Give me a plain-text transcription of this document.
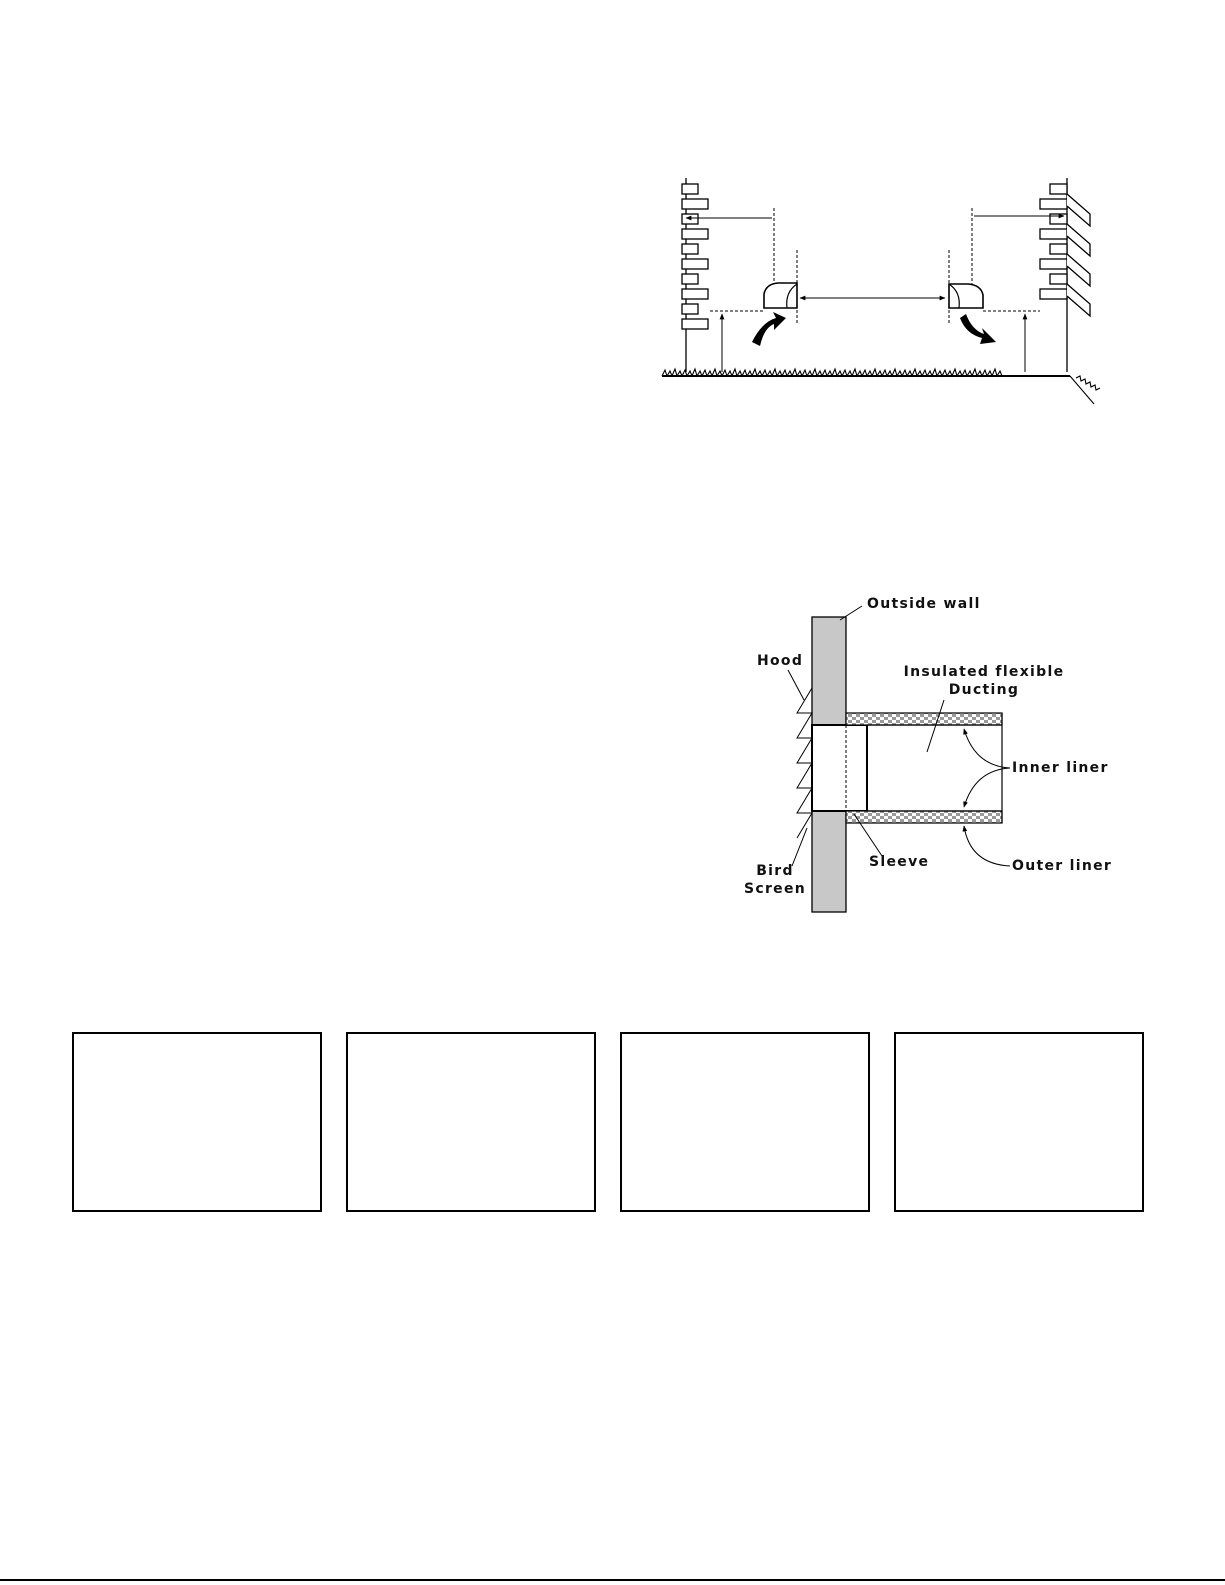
Outside wall
Hood
Insulated flexible
Ducting
Inner liner
Sleeve	Outer liner
Bird
Screen
